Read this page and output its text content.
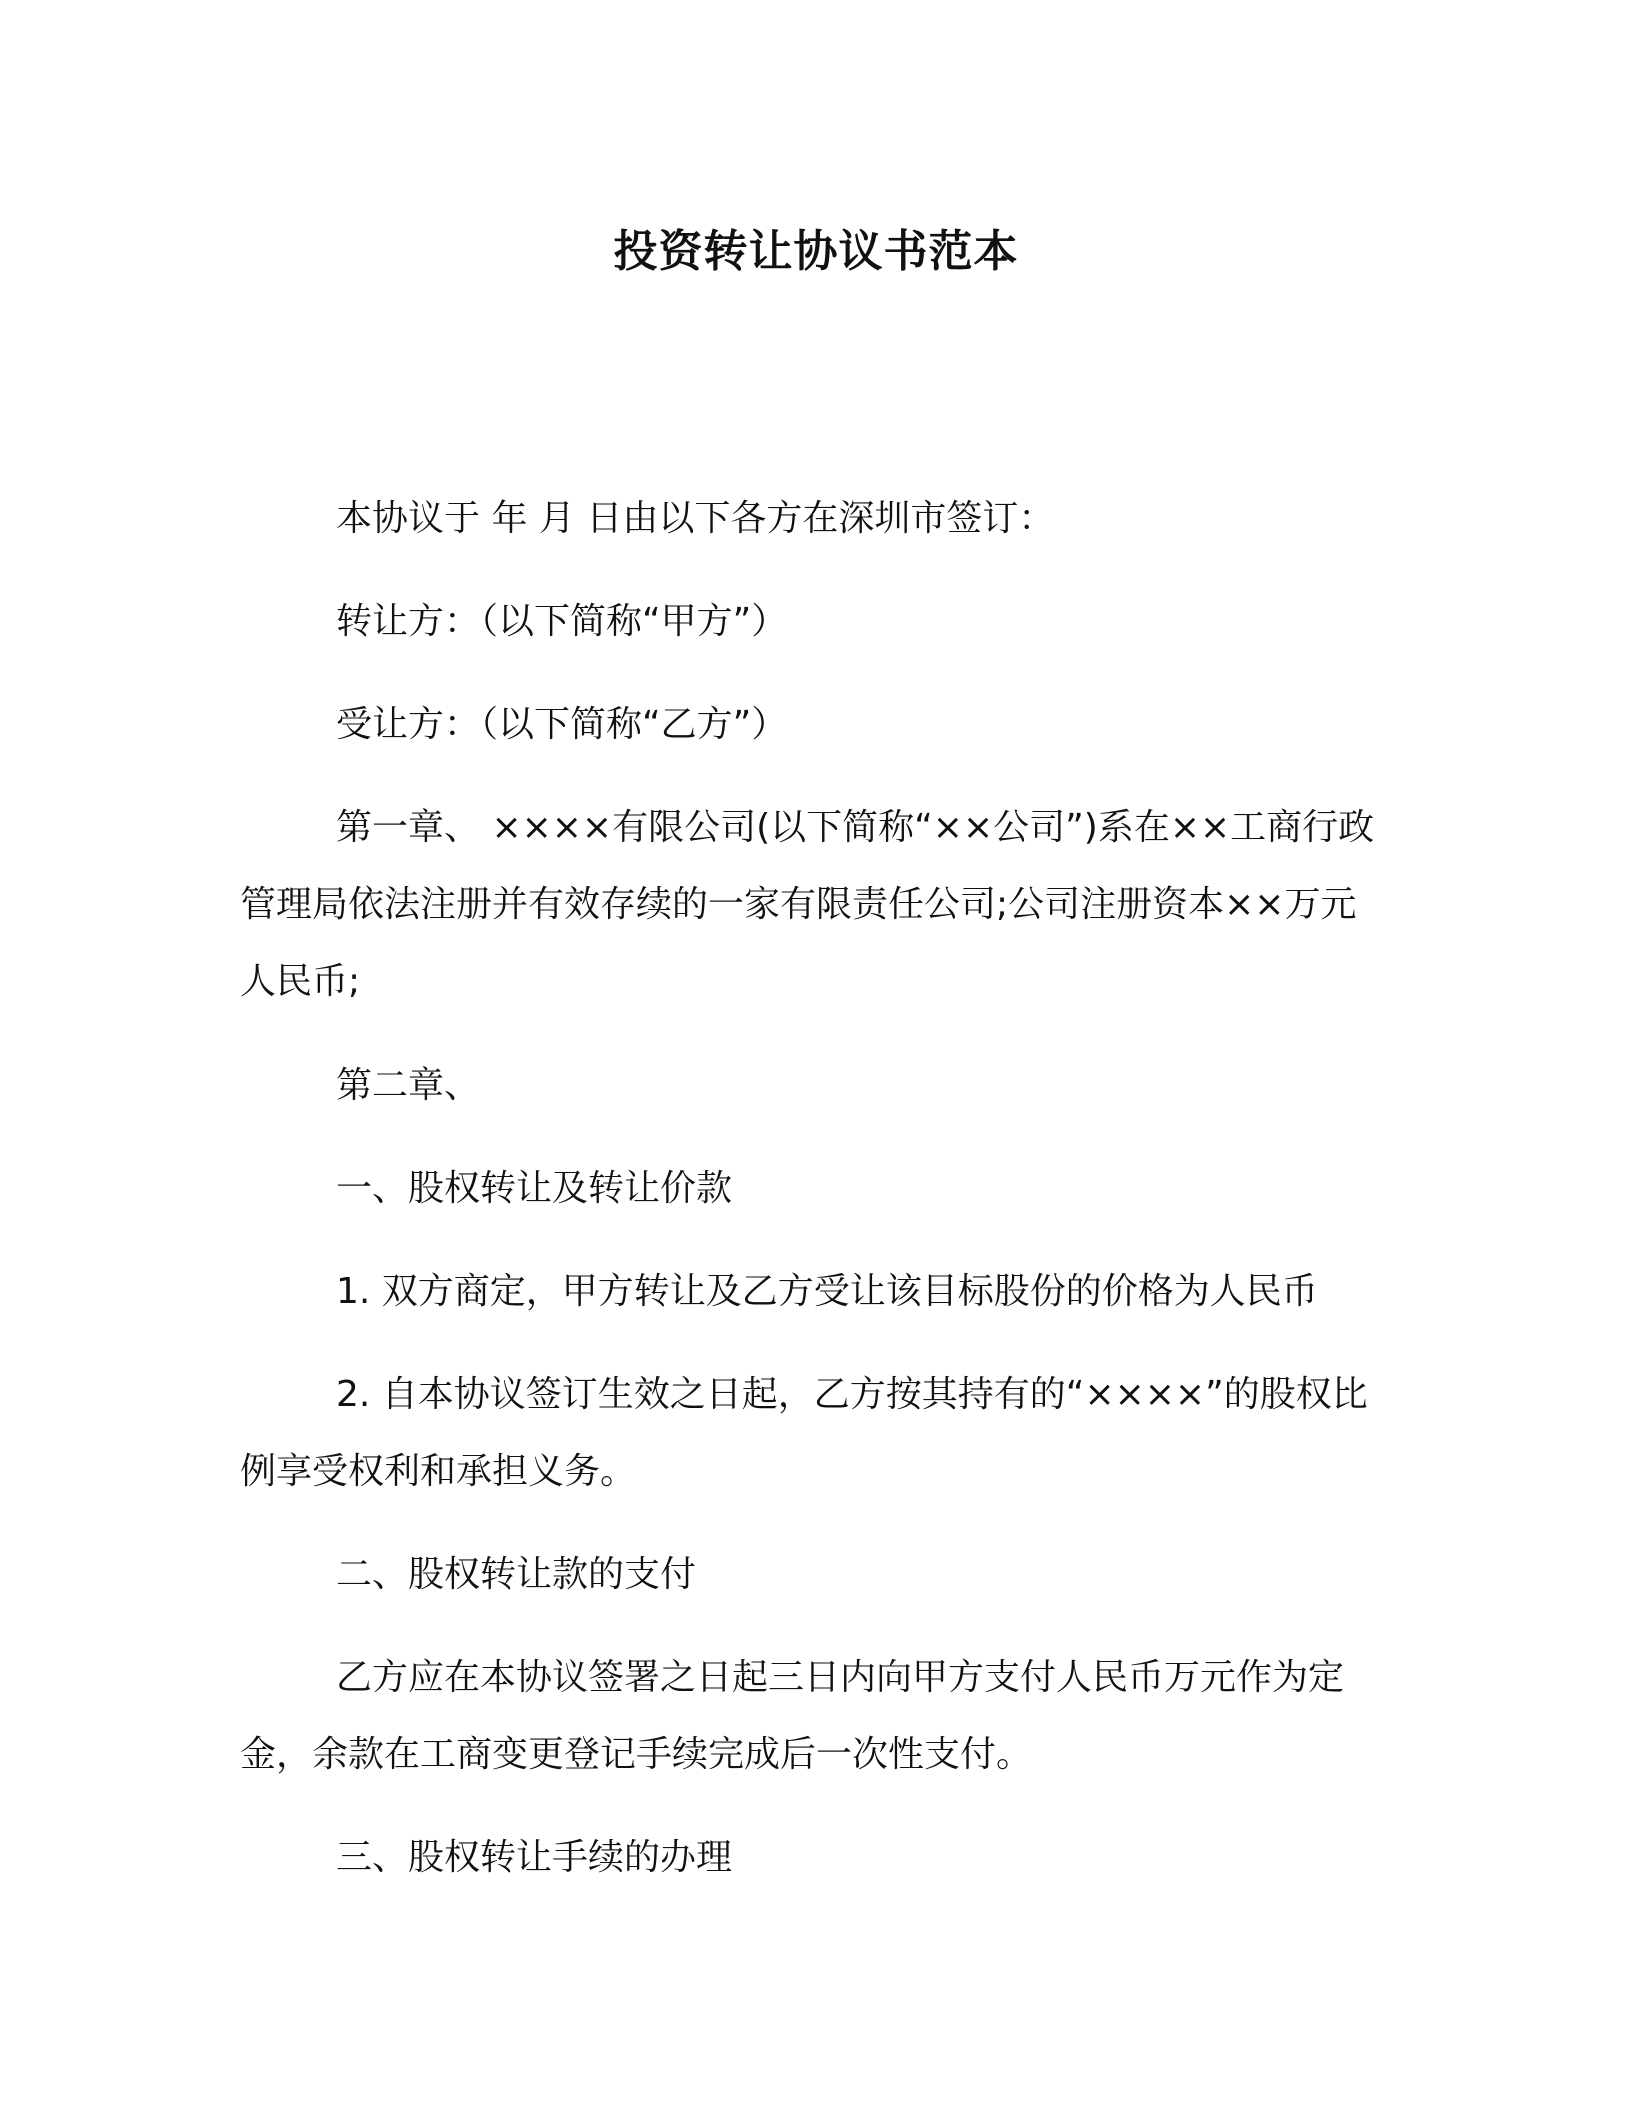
投资转让协议书范本

本协议于 年 月 日由以下各方在深圳市签订：

转让方：（以下简称“甲方”）

受让方：（以下简称“乙方”）

第一章、 ××××有限公司(以下简称“××公司”)系在××工商行政管理局依法注册并有效存续的一家有限责任公司;公司注册资本××万元人民币;

第二章、

一、股权转让及转让价款

1. 双方商定，甲方转让及乙方受让该目标股份的价格为人民币

2. 自本协议签订生效之日起，乙方按其持有的“××××”的股权比例享受权利和承担义务。

二、股权转让款的支付

乙方应在本协议签署之日起三日内向甲方支付人民币万元作为定金，余款在工商变更登记手续完成后一次性支付。

三、股权转让手续的办理
